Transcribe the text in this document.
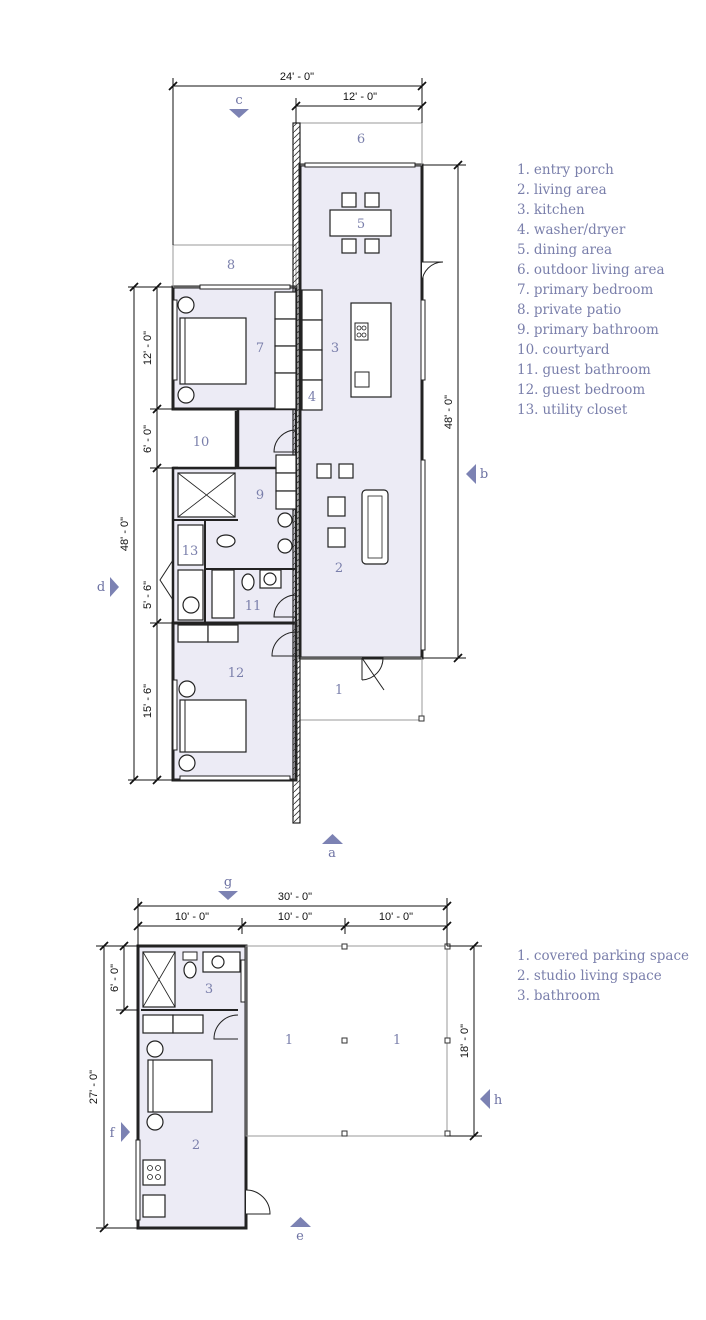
24' - 0"
12' - 0"
48' - 0"
48' - 0"
12' - 0"
6' - 0"
5' - 6"
15' - 6"	1
2
3
4
5
6
7
8
9
10
11
12
13
a
b
c
d
30' - 0"
10' - 0"	10' - 0"	10' - 0"
27' - 0"
6' - 0"
18' - 0"
1	1
2
3
e
f
g
h
1. entry porch
2. living area
3. kitchen
4. washer/dryer
5. dining area
6. outdoor living area
7. primary bedroom
8. private patio
9. primary bathroom
10. courtyard
11. guest bathroom
12. guest bedroom
13. utility closet
1. covered parking space
2. studio living space
3. bathroom
